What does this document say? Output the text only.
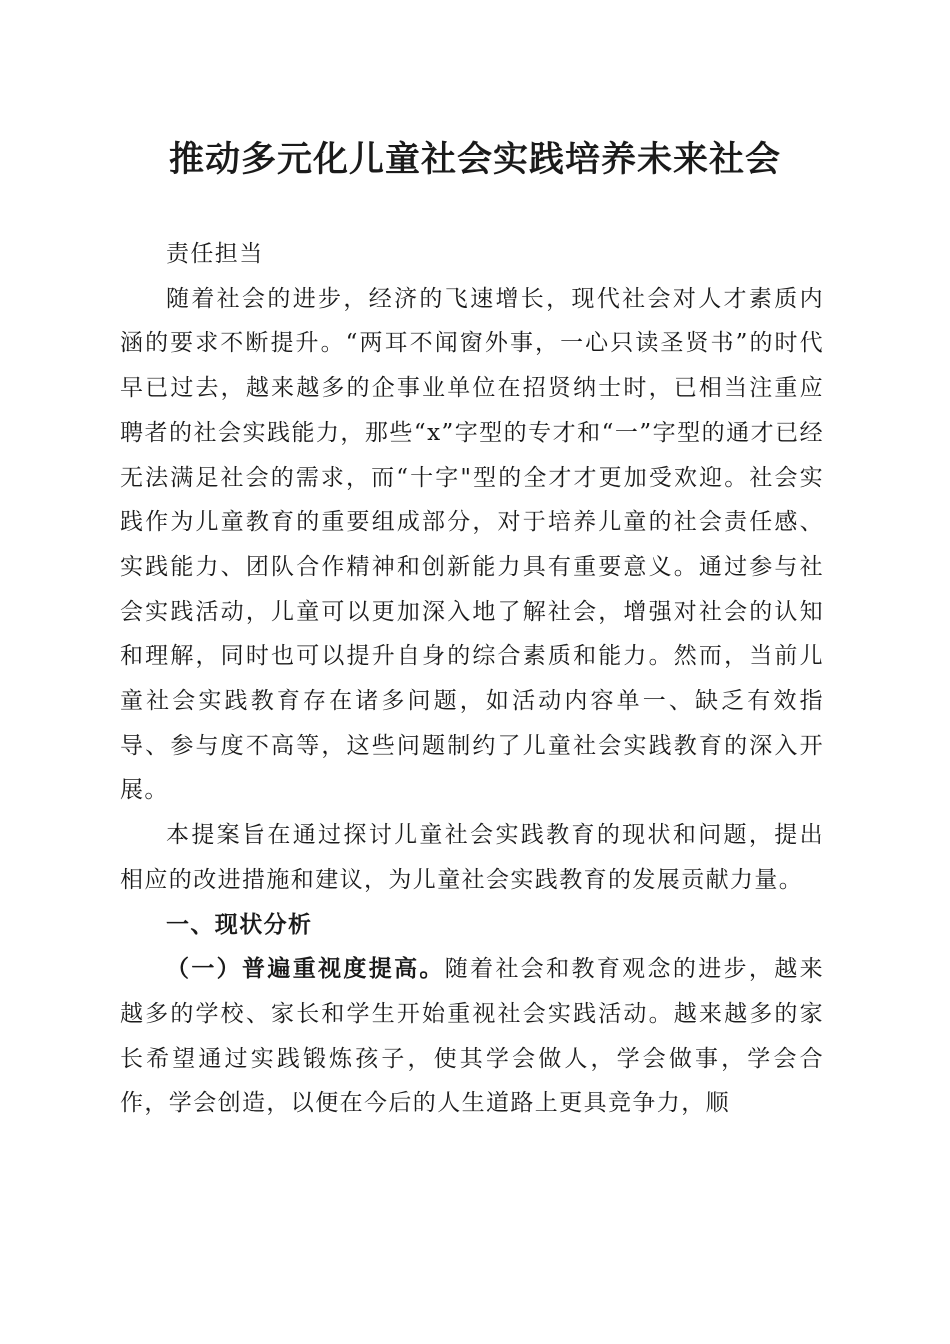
推动多元化儿童社会实践培养未来社会

责任担当

随着社会的进步，经济的飞速增长，现代社会对人才素质内涵的要求不断提升。“两耳不闻窗外事，一心只读圣贤书”的时代早已过去，越来越多的企事业单位在招贤纳士时，已相当注重应聘者的社会实践能力，那些“x”字型的专才和“一”字型的通才已经无法满足社会的需求，而“十字"型的全才才更加受欢迎。社会实践作为儿童教育的重要组成部分，对于培养儿童的社会责任感、实践能力、团队合作精神和创新能力具有重要意义。通过参与社会实践活动，儿童可以更加深入地了解社会，增强对社会的认知和理解，同时也可以提升自身的综合素质和能力。然而，当前儿童社会实践教育存在诸多问题，如活动内容单一、缺乏有效指导、参与度不高等，这些问题制约了儿童社会实践教育的深入开展。

本提案旨在通过探讨儿童社会实践教育的现状和问题，提出相应的改进措施和建议，为儿童社会实践教育的发展贡献力量。

一、现状分析

（一）普遍重视度提高。随着社会和教育观念的进步，越来越多的学校、家长和学生开始重视社会实践活动。越来越多的家长希望通过实践锻炼孩子，使其学会做人，学会做事，学会合作，学会创造，以便在今后的人生道路上更具竞争力，顺
